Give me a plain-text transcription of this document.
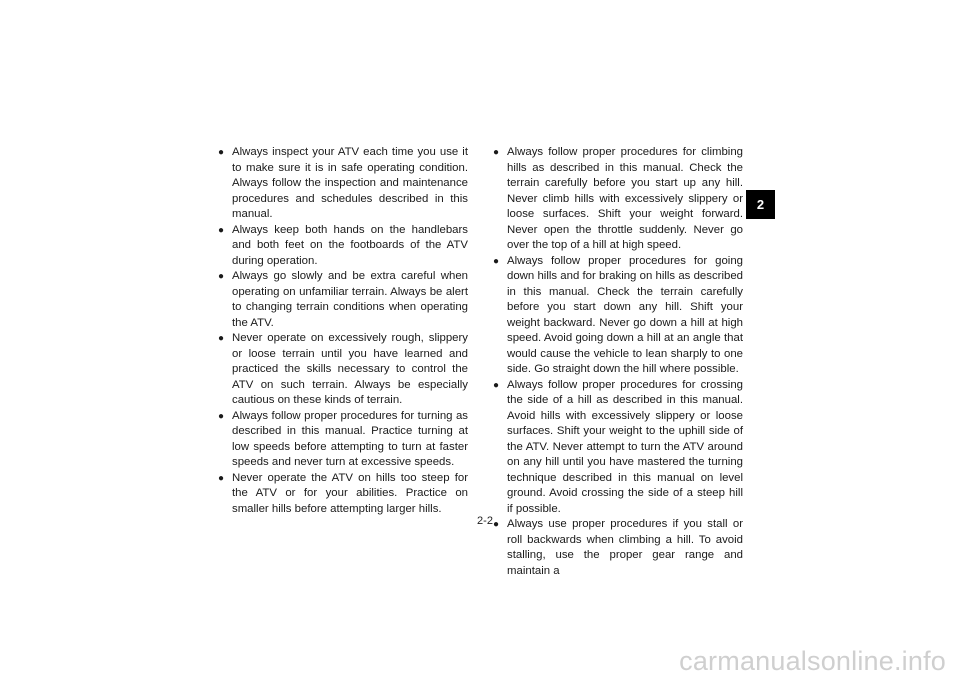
● Always inspect your ATV each time you use it to make sure it is in safe operating condition. Always follow the inspection and maintenance procedures and schedules described in this manual.
● Always keep both hands on the handlebars and both feet on the footboards of the ATV during operation.
● Always go slowly and be extra careful when operating on unfamiliar terrain. Always be alert to changing terrain conditions when operating the ATV.
● Never operate on excessively rough, slippery or loose terrain until you have learned and practiced the skills necessary to control the ATV on such terrain. Always be especially cautious on these kinds of terrain.
● Always follow proper procedures for turning as described in this manual. Practice turning at low speeds before attempting to turn at faster speeds and never turn at excessive speeds.
● Never operate the ATV on hills too steep for the ATV or for your abilities. Practice on smaller hills before attempting larger hills.
● Always follow proper procedures for climbing hills as described in this manual. Check the terrain carefully before you start up any hill. Never climb hills with excessively slippery or loose surfaces. Shift your weight forward. Never open the throttle suddenly. Never go over the top of a hill at high speed.
● Always follow proper procedures for going down hills and for braking on hills as described in this manual. Check the terrain carefully before you start down any hill. Shift your weight backward. Never go down a hill at high speed. Avoid going down a hill at an angle that would cause the vehicle to lean sharply to one side. Go straight down the hill where possible.
● Always follow proper procedures for crossing the side of a hill as described in this manual. Avoid hills with excessively slippery or loose surfaces. Shift your weight to the uphill side of the ATV. Never attempt to turn the ATV around on any hill until you have mastered the turning technique described in this manual on level ground. Avoid crossing the side of a steep hill if possible.
● Always use proper procedures if you stall or roll backwards when climbing a hill. To avoid stalling, use the proper gear range and maintain a
2-2
2
carmanualsonline.info
